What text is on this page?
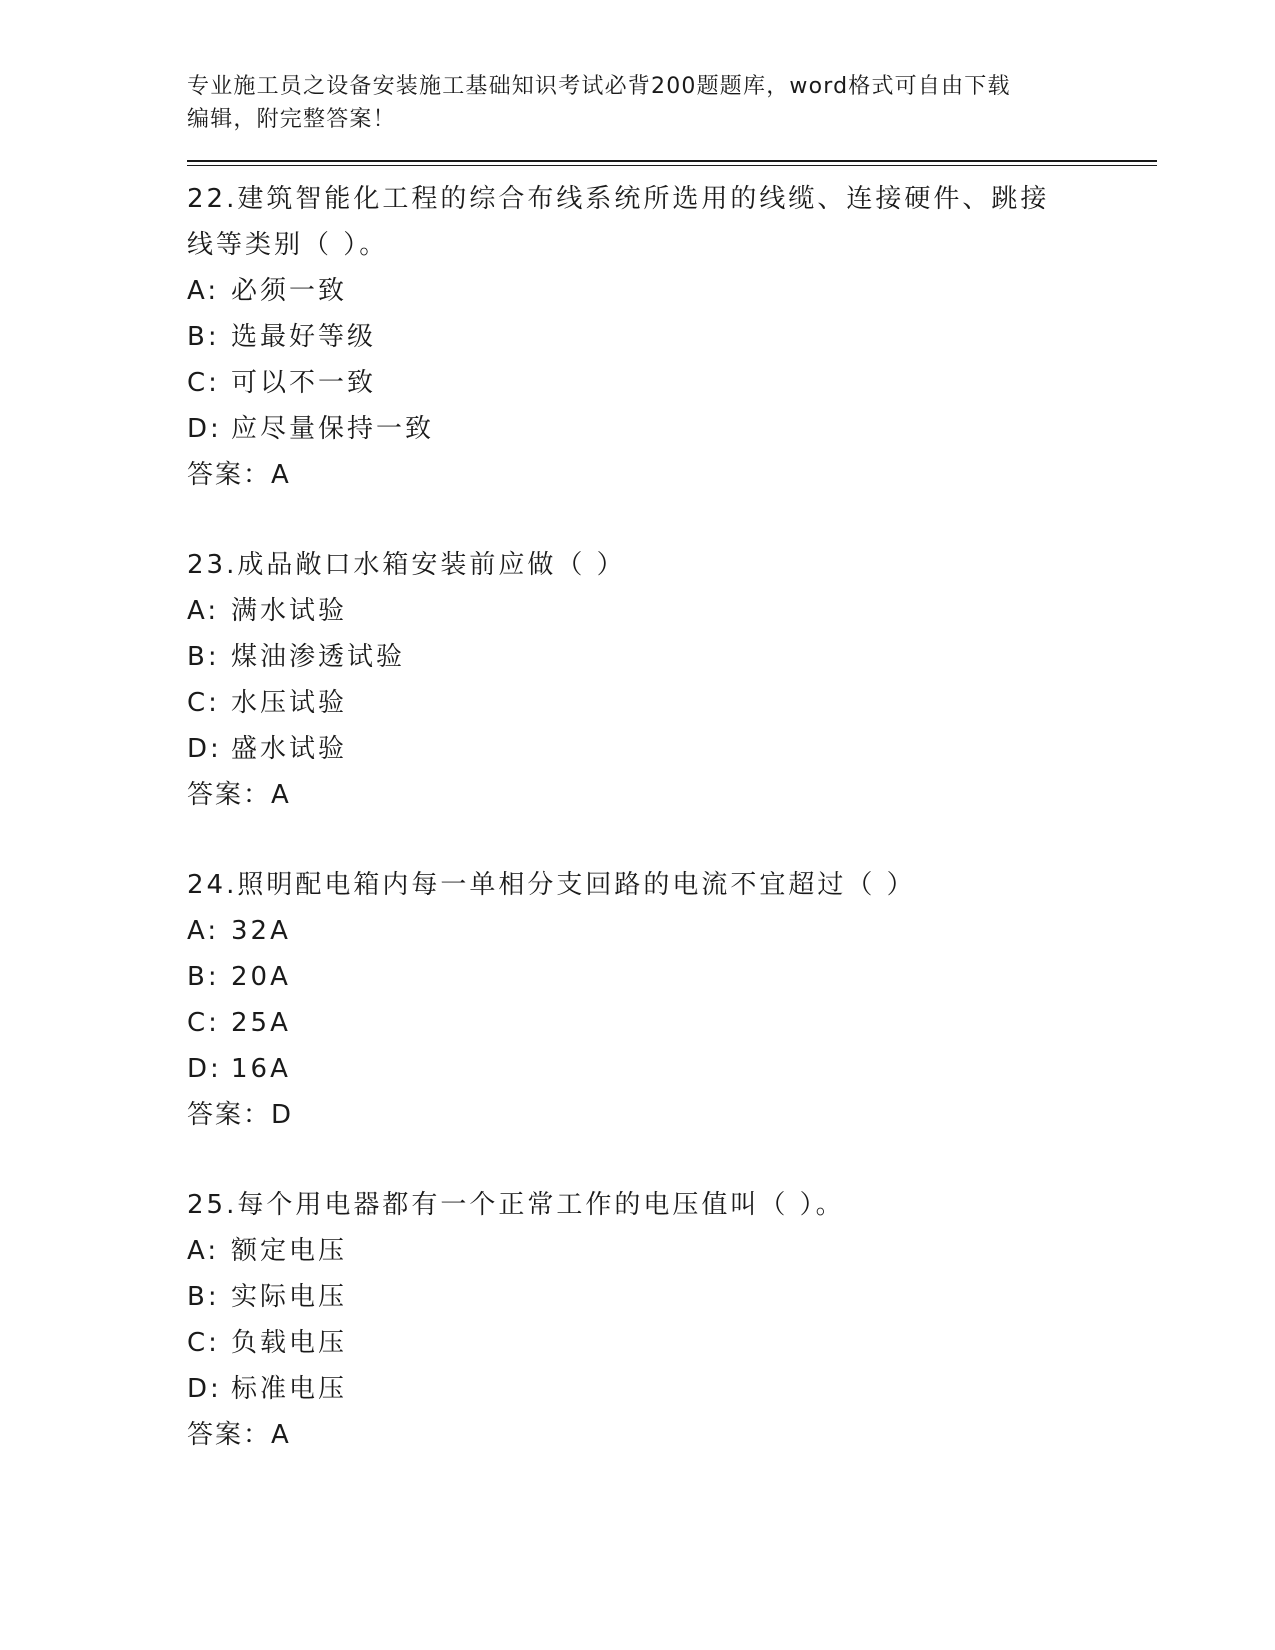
专业施工员之设备安装施工基础知识考试必背200题题库，word格式可自由下载
编辑，附完整答案！
22.建筑智能化工程的综合布线系统所选用的线缆、连接硬件、跳接线等类别（ ）。
A: 必须一致
B: 选最好等级
C: 可以不一致
D: 应尽量保持一致
答案：A
23.成品敞口水箱安装前应做（ ）
A: 满水试验
B: 煤油渗透试验
C: 水压试验
D: 盛水试验
答案：A
24.照明配电箱内每一单相分支回路的电流不宜超过（ ）
A: 32A
B: 20A
C: 25A
D: 16A
答案：D
25.每个用电器都有一个正常工作的电压值叫（ ）。
A: 额定电压
B: 实际电压
C: 负载电压
D: 标准电压
答案：A
